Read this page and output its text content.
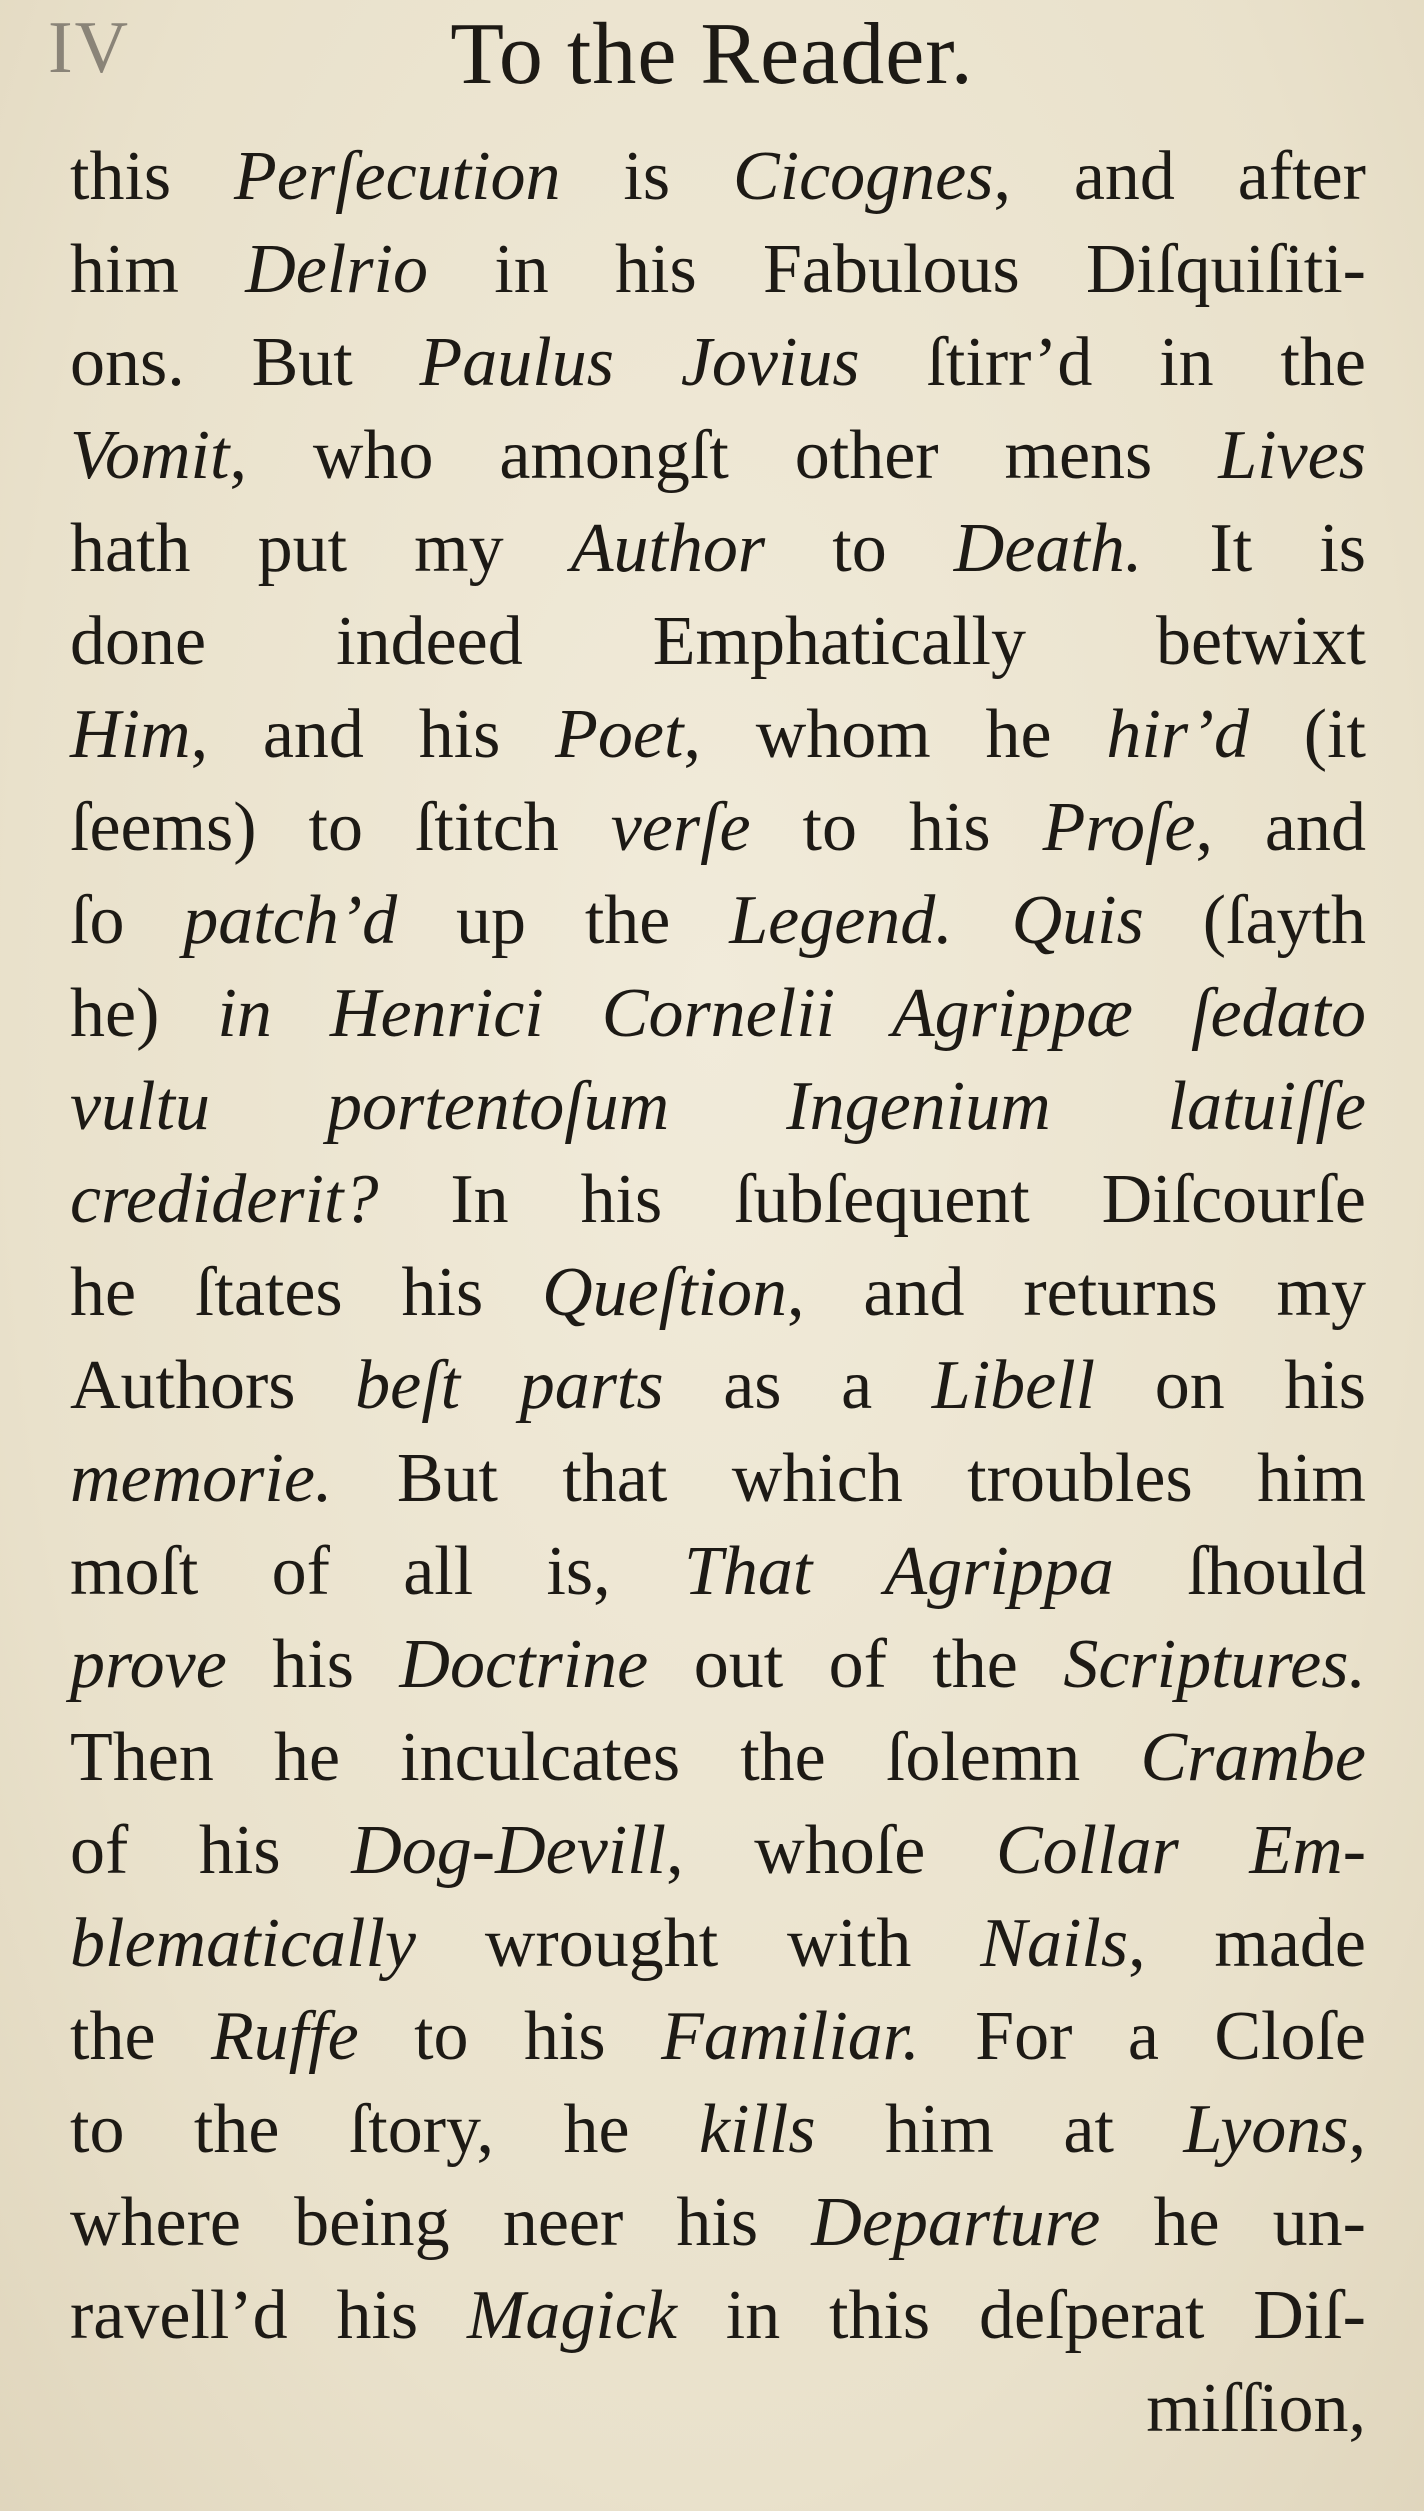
IV	To the Reader.
this Perſecution is Cicognes, and after
him Delrio in his Fabulous Diſquiſiti-
ons. But Paulus Jovius ſtirr’d in the
Vomit, who amongſt other mens Lives
hath put my Author to Death. It is
done indeed Emphatically betwixt
Him, and his Poet, whom he hir’d (it
ſeems) to ſtitch verſe to his Proſe, and
ſo patch’d up the Legend. Quis (ſayth
he) in Henrici Cornelii Agrippæ ſedato
vultu portentoſum Ingenium latuiſſe
crediderit? In his ſubſequent Diſcourſe
he ſtates his Queſtion, and returns my
Authors beſt parts as a Libell on his
memorie. But that which troubles him
moſt of all is, That Agrippa ſhould
prove his Doctrine out of the Scriptures.
Then he inculcates the ſolemn Crambe
of his Dog-Devill, whoſe Collar Em-
blematically wrought with Nails, made
the Ruffe to his Familiar. For a Cloſe
to the ſtory, he kills him at Lyons,
where being neer his Departure he un-
ravell’d his Magick in this deſperat Diſ-
miſſion,
